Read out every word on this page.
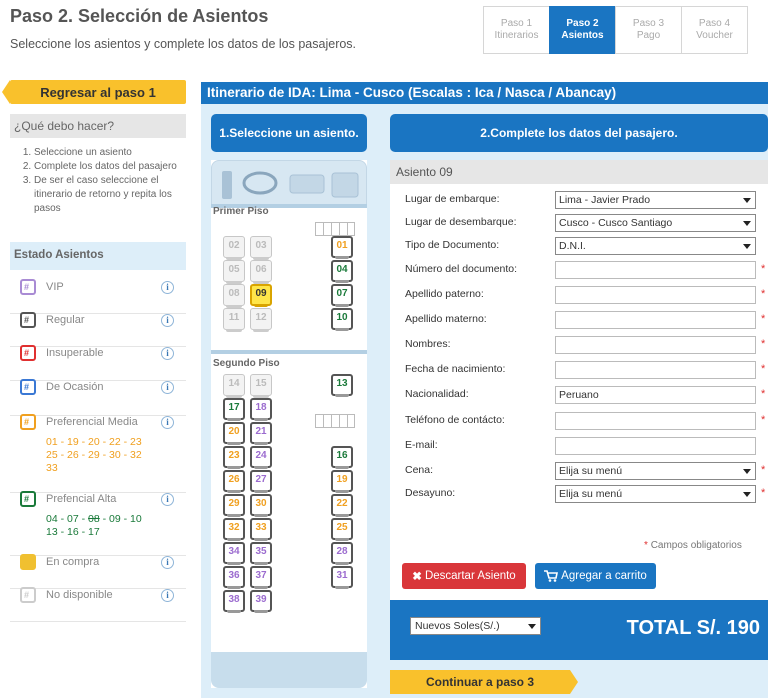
Paso 2. Selección de Asientos
Seleccione los asientos y complete los datos de los pasajeros.
Paso 1
Itinerarios
Paso 2
Asientos
Paso 3
Pago
Paso 4
Voucher
Regresar al paso 1
¿Qué debo hacer?
1. Seleccione un asiento
2. Complete los datos del pasajero
3. De ser el caso seleccione el itinerario de retorno y repita los pasos
Estado Asientos
# VIP	i
# Regular	i
# Insuperable	i
# De Ocasión	i
# Preferencial Media	i
01 - 19 - 20 - 22 - 23
25 - 26 - 29 - 30 - 32
33
# Prefencial Alta	i
04 - 07 - 08 - 09 - 10
13 - 16 - 17
En compra	i
# No disponible	i
Itinerario de IDA: Lima - Cusco (Escalas : Ica / Nasca / Abancay)
1.Seleccione un asiento.	2.Complete los datos del pasajero.
Primer Piso
02	03	01
05	06	04
08	09	07
11	12	10
Segundo Piso
14	15	13
17	18
20	21
23	24	16
26	27	19
29	30	22
32	33	25
34	35	28
36	37	31
38	39
Asiento 09
Lugar de embarque:	Lima - Javier Prado
Lugar de desembarque:	Cusco - Cusco Santiago
Tipo de Documento:	D.N.I.
Número del documento:	*
Apellido paterno:	*
Apellido materno:	*
Nombres:	*
Fecha de nacimiento:	*
Nacionalidad:	Peruano	*
Teléfono de contácto:	*
E-mail:
Cena:	Elija su menú	*
Desayuno:	Elija su menú	*
* Campos obligatorios
✖ Descartar Asiento	Agregar a carrito
Nuevos Soles(S/.)	TOTAL S/. 190
Continuar a paso 3
